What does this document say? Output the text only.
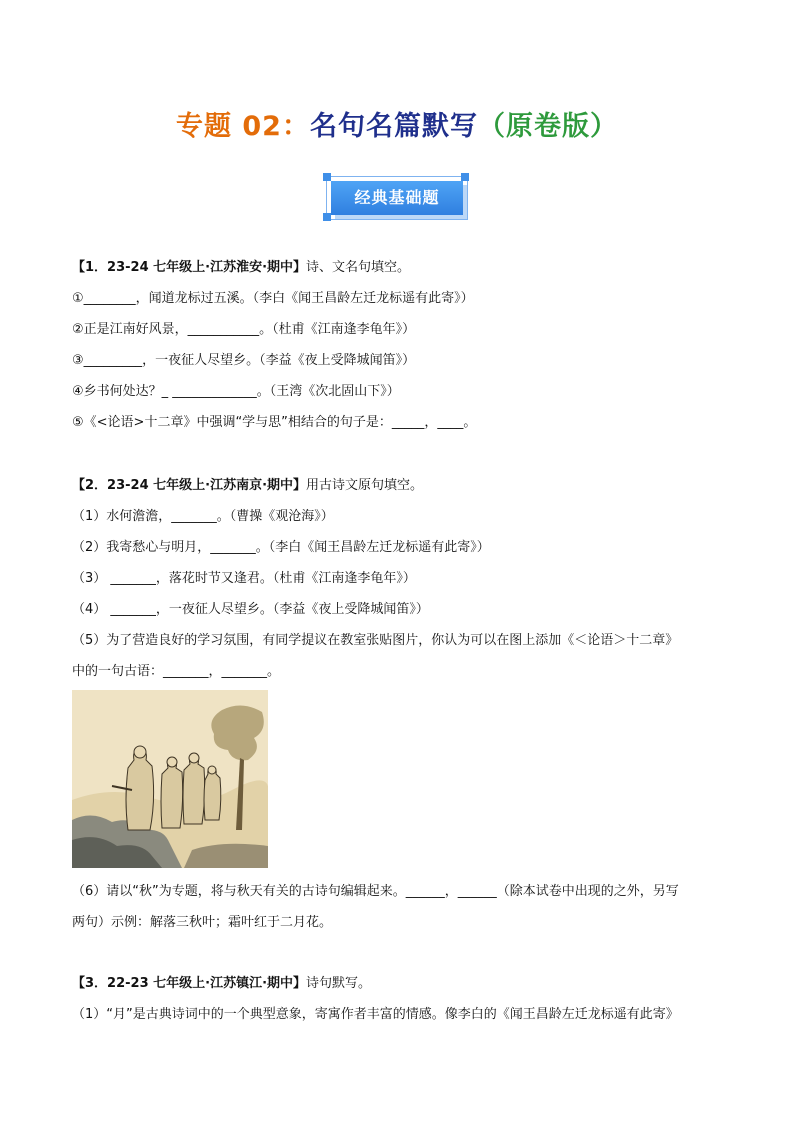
专题 02：名句名篇默写（原卷版）
经典基础题
【1．23-24 七年级上·江苏淮安·期中】诗、文名句填空。
①________，闻道龙标过五溪。（李白《闻王昌龄左迁龙标遥有此寄》）
②正是江南好风景，___________。（杜甫《江南逢李龟年》）
③_________，一夜征人尽望乡。（李益《夜上受降城闻笛》）
④乡书何处达？_ _____________。（王湾《次北固山下》）
⑤《<论语>十二章》中强调“学与思”相结合的句子是：_____，____。
【2．23-24 七年级上·江苏南京·期中】用古诗文原句填空。
（1）水何澹澹，_______。（曹操《观沧海》）
（2）我寄愁心与明月，_______。（李白《闻王昌龄左迁龙标遥有此寄》）
（3） _______，落花时节又逢君。（杜甫《江南逢李龟年》）
（4） _______，一夜征人尽望乡。（李益《夜上受降城闻笛》）
（5）为了营造良好的学习氛围，有同学提议在教室张贴图片，你认为可以在图上添加《＜论语＞十二章》
中的一句古语：_______，_______。
（6）请以“秋”为专题，将与秋天有关的古诗句编辑起来。______，______（除本试卷中出现的之外，另写
两句）示例：解落三秋叶；霜叶红于二月花。
【3．22-23 七年级上·江苏镇江·期中】诗句默写。
（1）“月”是古典诗词中的一个典型意象，寄寓作者丰富的情感。像李白的《闻王昌龄左迁龙标遥有此寄》
